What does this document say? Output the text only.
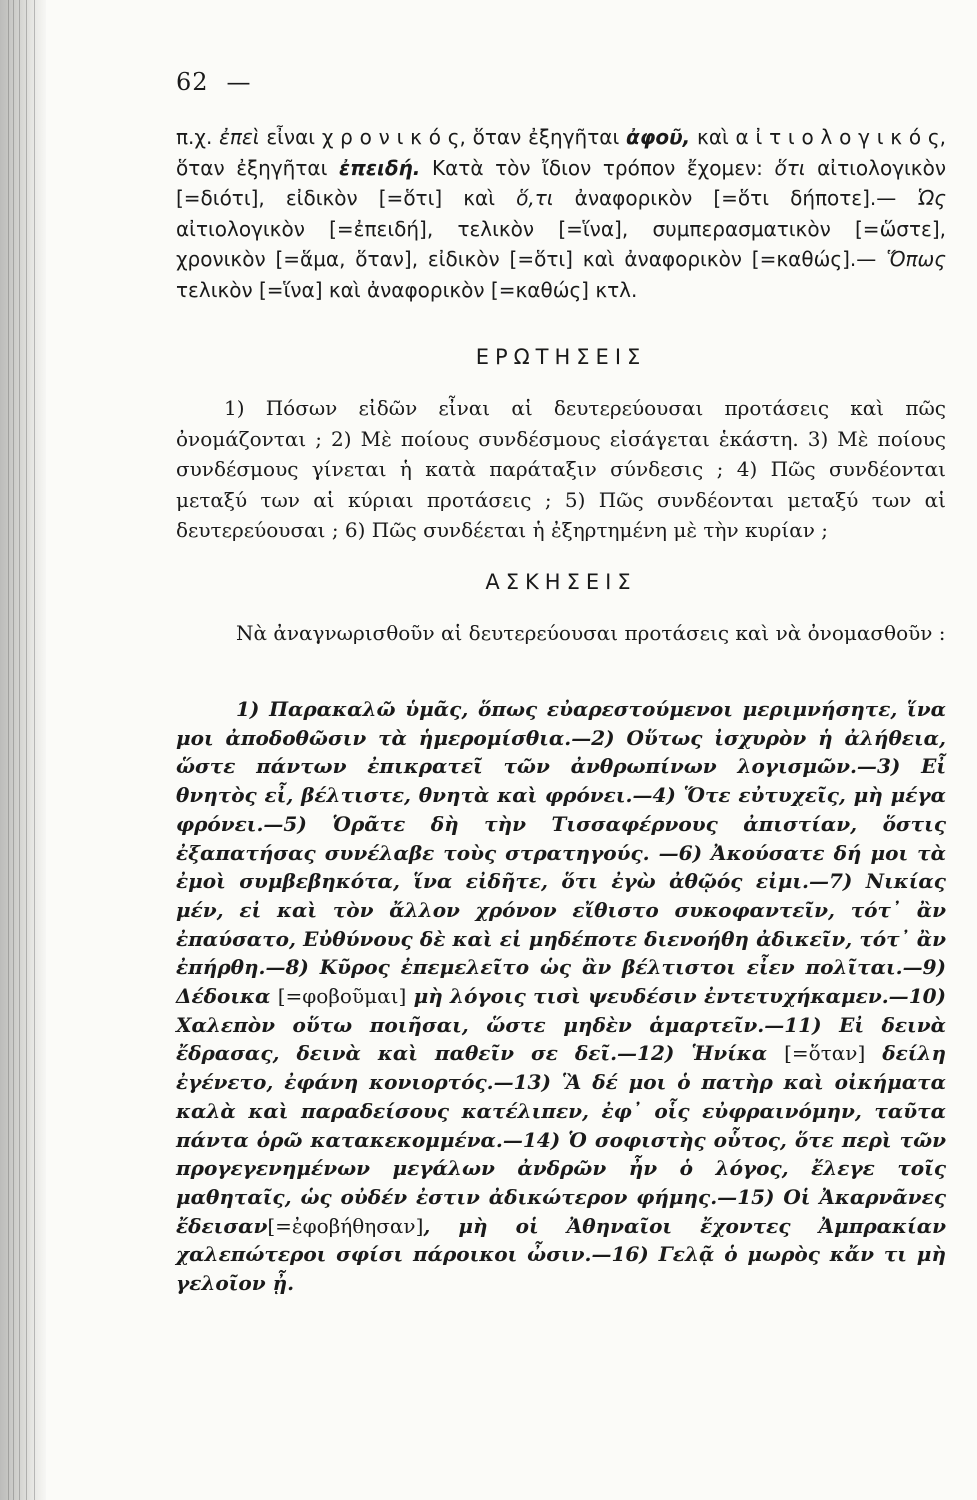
62 —

π.χ. ἐπεὶ εἶναι χ ρ ο ν ι κ ό ς, ὅταν ἐξηγῆται ἀφοῦ, καὶ α ἰ τ ι ο λ ο γ ι κ ό ς, ὅταν ἐξηγῆται ἐπειδή. Κατὰ τὸν ἴδιον τρόπον ἔχομεν: ὅτι αἰτιολογικὸν [=διότι], εἰδικὸν [=ὅτι] καὶ ὅ,τι ἀναφορικὸν [=ὅτι δήποτε].— Ὡς αἰτιολογικὸν [=ἐπειδή], τελικὸν [=ἵνα], συμπερασματικὸν [=ὥστε], χρονικὸν [=ἅμα, ὅταν], εἰδικὸν [=ὅτι] καὶ ἀναφορικὸν [=καθώς].— Ὅπως τελικὸν [=ἵνα] καὶ ἀναφορικὸν [=καθώς] κτλ.

ΕΡΩΤΗΣΕΙΣ

1) Πόσων εἰδῶν εἶναι αἱ δευτερεύουσαι προτάσεις καὶ πῶς ὀνομάζονται ; 2) Μὲ ποίους συνδέσμους εἰσάγεται ἑκάστη. 3) Μὲ ποίους συνδέσμους γίνεται ἡ κατὰ παράταξιν σύνδεσις ; 4) Πῶς συνδέονται μεταξύ των αἱ κύριαι προτάσεις ; 5) Πῶς συνδέονται μεταξύ των αἱ δευτερεύουσαι ; 6) Πῶς συνδέεται ἡ ἐξηρτημένη μὲ τὴν κυρίαν ;

ΑΣΚΗΣΕΙΣ

Νὰ ἀναγνωρισθοῦν αἱ δευτερεύουσαι προτάσεις καὶ νὰ ὀνομασθοῦν :

1) Παρακαλῶ ὑμᾶς, ὅπως εὐαρεστούμενοι μεριμνήσητε, ἵνα μοι ἀποδοθῶσιν τὰ ἡμερομίσθια.—2) Οὕτως ἰσχυρὸν ἡ ἀλήθεια, ὥστε πάντων ἐπικρατεῖ τῶν ἀνθρωπίνων λογισμῶν.—3) Εἶ θνητὸς εἶ, βέλτιστε, θνητὰ καὶ φρόνει.—4) Ὅτε εὐτυχεῖς, μὴ μέγα φρόνει.—5) Ὁρᾶτε δὴ τὴν Τισσαφέρνους ἀπιστίαν, ὅστις ἐξαπατήσας συνέλαβε τοὺς στρατηγούς. —6) Ἀκούσατε δή μοι τὰ ἐμοὶ συμβεβηκότα, ἵνα εἰδῆτε, ὅτι ἐγὼ ἀθῷός εἰμι.—7) Νικίας μέν, εἰ καὶ τὸν ἄλλον χρόνον εἴθιστο συκοφαντεῖν, τότ᾽ ἂν ἐπαύσατο, Εὐθύνους δὲ καὶ εἰ μηδέποτε διενοήθη ἀδικεῖν, τότ᾽ ἂν ἐπήρθη.—8) Κῦρος ἐπεμελεῖτο ὡς ἂν βέλτιστοι εἶεν πολῖται.—9) Δέδοικα [=φοβοῦμαι] μὴ λόγοις τισὶ ψευδέσιν ἐντετυχήκαμεν.—10) Χαλεπὸν οὕτω ποιῆσαι, ὥστε μηδὲν ἁμαρτεῖν.—11) Εἰ δεινὰ ἔδρασας, δεινὰ καὶ παθεῖν σε δεῖ.—12) Ἡνίκα [=ὅταν] δείλη ἐγένετο, ἐφάνη κονιορτός.—13) Ἃ δέ μοι ὁ πατὴρ καὶ οἰκήματα καλὰ καὶ παραδείσους κατέλιπεν, ἐφ᾽ οἷς εὐφραινόμην, ταῦτα πάντα ὁρῶ κατακεκομμένα.—14) Ὁ σοφιστὴς οὗτος, ὅτε περὶ τῶν προγεγενημένων μεγάλων ἀνδρῶν ἦν ὁ λόγος, ἔλεγε τοῖς μαθηταῖς, ὡς οὐδέν ἐστιν ἀδικώτερον φήμης.—15) Οἱ Ἀκαρνᾶνες ἔδεισαν[=ἐφοβήθησαν], μὴ οἱ Ἀθηναῖοι ἔχοντες Ἀμπρακίαν χαλεπώτεροι σφίσι πάροικοι ὦσιν.—16) Γελᾷ ὁ μωρὸς κἄν τι μὴ γελοῖον ᾖ.
